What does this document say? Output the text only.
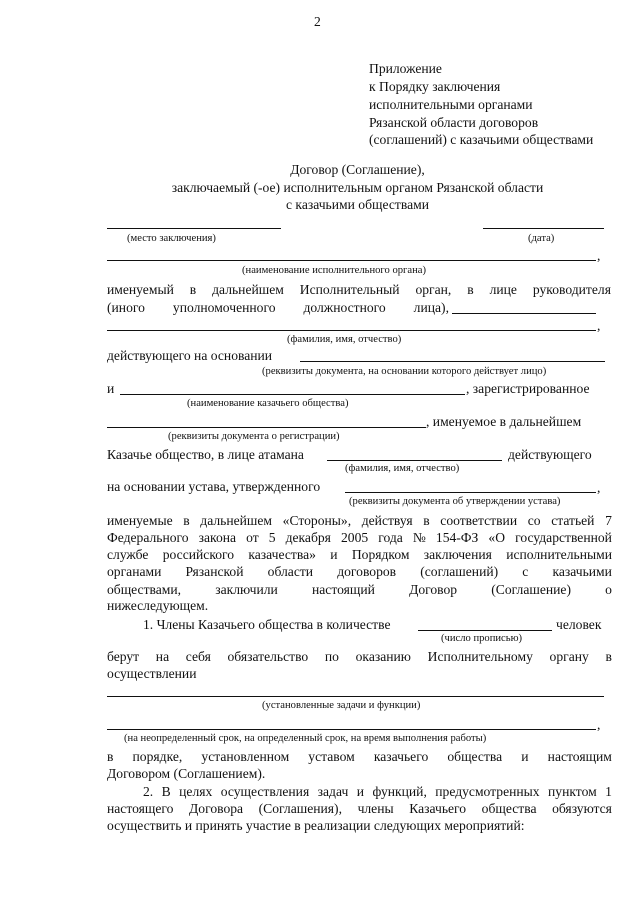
2
Приложение
к Порядку заключения
исполнительными органами
Рязанской области договоров
(соглашений) с казачьими обществами
Договор (Соглашение),
заключаемый (-ое) исполнительным органом Рязанской области
с казачьими обществами
(место заключения)	(дата)
,
(наименование исполнительного органа)
именуемый в дальнейшем Исполнительный орган, в лице руководителя
(иного уполномоченного должностного лица),
,
(фамилия, имя, отчество)
действующего на основании
(реквизиты документа, на основании которого действует лицо)
и	, зарегистрированное
(наименование казачьего общества)
, именуемое в дальнейшем
(реквизиты документа о регистрации)
Казачье общество, в лице атамана	действующего
(фамилия, имя, отчество)
на основании устава, утвержденного	,
(реквизиты документа об утверждении устава)
именуемые в дальнейшем «Стороны», действуя в соответствии со статьей 7
Федерального закона от 5 декабря 2005 года № 154-ФЗ «О государственной
службе российского казачества» и Порядком заключения исполнительными
органами Рязанской области договоров (соглашений) с казачьими
обществами,	заключили	настоящий	Договор	(Соглашение)	о
нижеследующем.
1. Члены Казачьего общества в количестве	человек
(число прописью)
берут на себя обязательство по оказанию Исполнительному органу в
осуществлении
(установленные задачи и функции)
,
(на неопределенный срок, на определенный срок, на время выполнения работы)
в порядке, установленном уставом казачьего общества и настоящим
Договором (Соглашением).
2. В целях осуществления задач и функций, предусмотренных пунктом 1
настоящего Договора (Соглашения), члены Казачьего общества обязуются
осуществить и принять участие в реализации следующих мероприятий:
